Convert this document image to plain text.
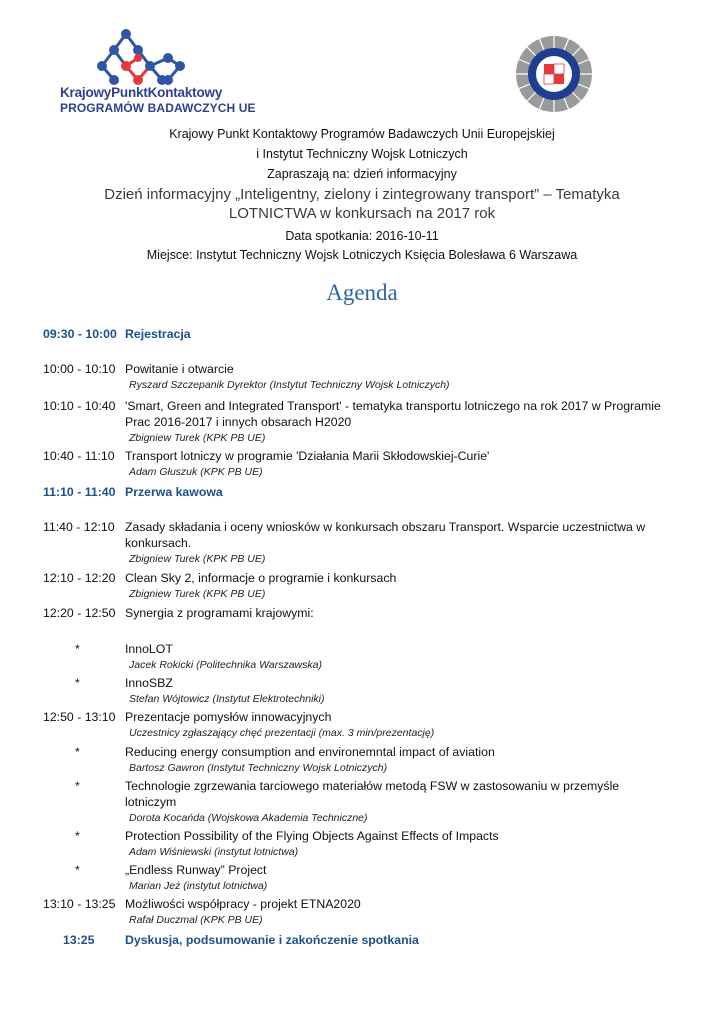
KrajowyPunktKontaktowy
PROGRAMÓW BADAWCZYCH UE
Krajowy Punkt Kontaktowy Programów Badawczych Unii Europejskiej
i Instytut Techniczny Wojsk Lotniczych
Zapraszają na: dzień informacyjny
Dzień informacyjny „Inteligentny, zielony i zintegrowany transport” – Tematyka
LOTNICTWA w konkursach na 2017 rok
Data spotkania: 2016-10-11
Miejsce: Instytut Techniczny Wojsk Lotniczych Księcia Bolesława 6 Warszawa
Agenda
09:30 - 10:00 Rejestracja
10:00 - 10:10 Powitanie i otwarcie
Ryszard Szczepanik Dyrektor (Instytut Techniczny Wojsk Lotniczych)
10:10 - 10:40 'Smart, Green and Integrated Transport' - tematyka transportu lotniczego na rok 2017 w Programie
Prac 2016-2017 i innych obsarach H2020
Zbigniew Turek (KPK PB UE)
10:40 - 11:10 Transport lotniczy w programie 'Działania Marii Skłodowskiej-Curie'
Adam Głuszuk (KPK PB UE)
11:10 - 11:40 Przerwa kawowa
11:40 - 12:10 Zasady składania i oceny wniosków w konkursach obszaru Transport. Wsparcie uczestnictwa w
konkursach.
Zbigniew Turek (KPK PB UE)
12:10 - 12:20 Clean Sky 2, informacje o programie i konkursach
Zbigniew Turek (KPK PB UE)
12:20 - 12:50 Synergia z programami krajowymi:
*	InnoLOT
Jacek Rokicki (Politechnika Warszawska)
*	InnoSBZ
Stefan Wójtowicz (Instytut Elektrotechniki)
12:50 - 13:10 Prezentacje pomysłów innowacyjnych
Uczestnicy zgłaszający chęć prezentacji (max. 3 min/prezentację)
*	Reducing energy consumption and environemntal impact of aviation
Bartosz Gawron (Instytut Techniczny Wojsk Lotniczych)
*	Technologie zgrzewania tarciowego materiałów metodą FSW w zastosowaniu w przemyśle
lotniczym
Dorota Kocańda (Wojskowa Akademia Techniczne)
*	Protection Possibility of the Flying Objects Against Effects of Impacts
Adam Wiśniewski (instytut lotnictwa)
*	„Endless Runway” Project
Marian Jeż (instytut lotnictwa)
13:10 - 13:25 Możliwości współpracy - projekt ETNA2020
Rafał Duczmal (KPK PB UE)
13:25 Dyskusja, podsumowanie i zakończenie spotkania
